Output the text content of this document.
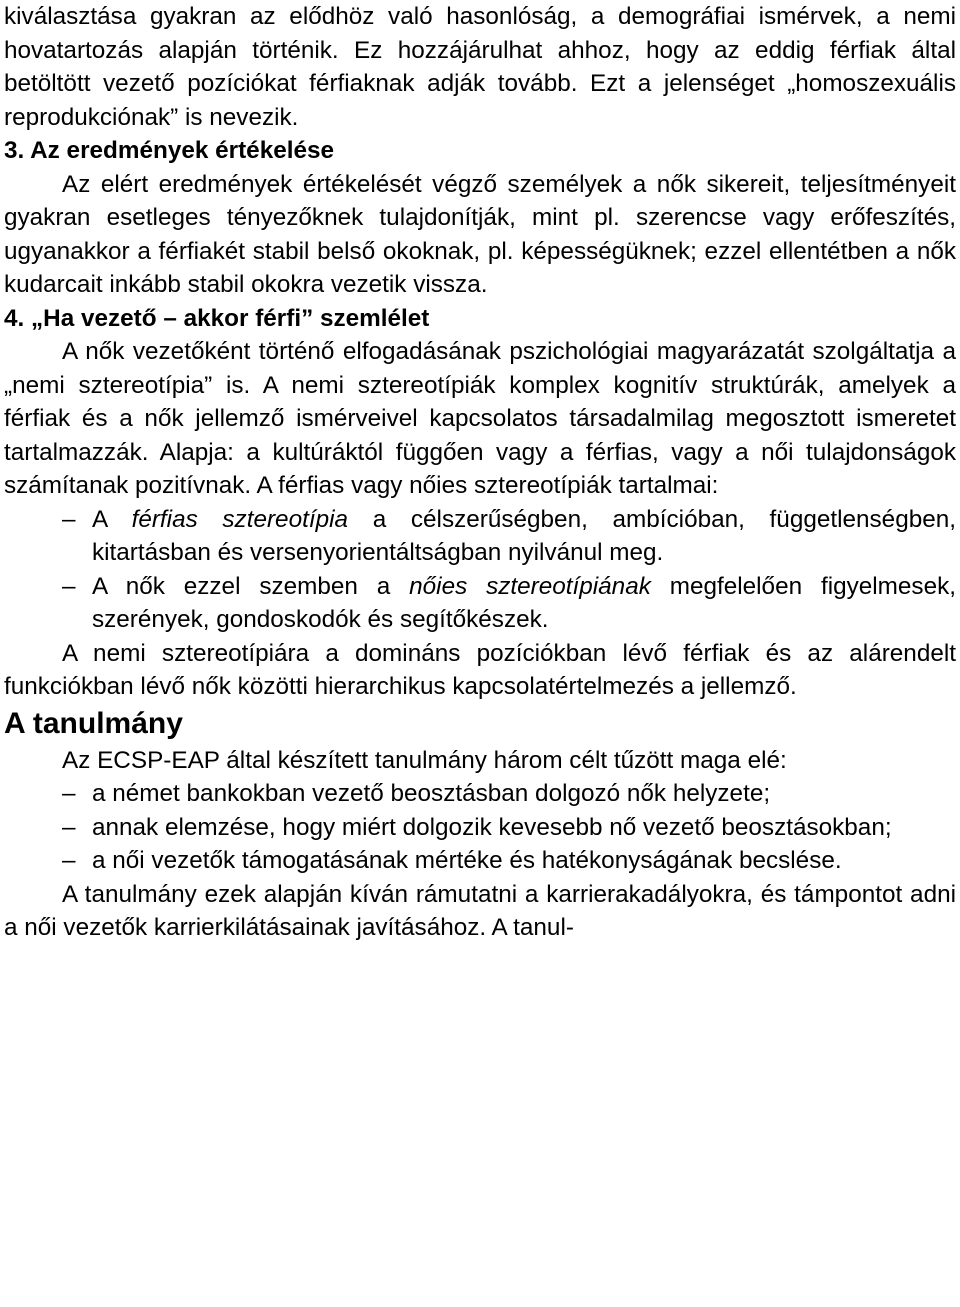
kiválasztása gyakran az elődhöz való hasonlóság, a demográfiai ismérvek, a nemi hovatartozás alapján történik. Ez hozzájárulhat ahhoz, hogy az eddig férfiak által betöltött vezető pozíciókat férfiaknak adják tovább. Ezt a jelenséget „homoszexuális reprodukciónak” is nevezik.

3. Az eredmények értékelése

Az elért eredmények értékelését végző személyek a nők sikereit, teljesítményeit gyakran esetleges tényezőknek tulajdonítják, mint pl. szerencse vagy erőfeszítés, ugyanakkor a férfiakét stabil belső okoknak, pl. képességüknek; ezzel ellentétben a nők kudarcait inkább stabil okokra vezetik vissza.

4. „Ha vezető – akkor férfi” szemlélet

A nők vezetőként történő elfogadásának pszichológiai magyarázatát szolgáltatja a „nemi sztereotípia” is. A nemi sztereotípiák komplex kognitív struktúrák, amelyek a férfiak és a nők jellemző ismérveivel kapcsolatos társadalmilag megosztott ismeretet tartalmazzák. Alapja: a kultúráktól függően vagy a férfias, vagy a női tulajdonságok számítanak pozitívnak. A férfias vagy nőies sztereotípiák tartalmai:

– A férfias sztereotípia a célszerűségben, ambícióban, függetlenségben, kitartásban és versenyorientáltságban nyilvánul meg.
– A nők ezzel szemben a nőies sztereotípiának megfelelően figyelmesek, szerények, gondoskodók és segítőkészek.

A nemi sztereotípiára a domináns pozíciókban lévő férfiak és az alárendelt funkciókban lévő nők közötti hierarchikus kapcsolatértelmezés a jellemző.

A tanulmány

Az ECSP-EAP által készített tanulmány három célt tűzött maga elé:

– a német bankokban vezető beosztásban dolgozó nők helyzete;
– annak elemzése, hogy miért dolgozik kevesebb nő vezető beosztásokban;
– a női vezetők támogatásának mértéke és hatékonyságának becslése.

A tanulmány ezek alapján kíván rámutatni a karrierakadályokra, és támpontot adni a női vezetők karrierkilátásainak javításához. A tanul-
